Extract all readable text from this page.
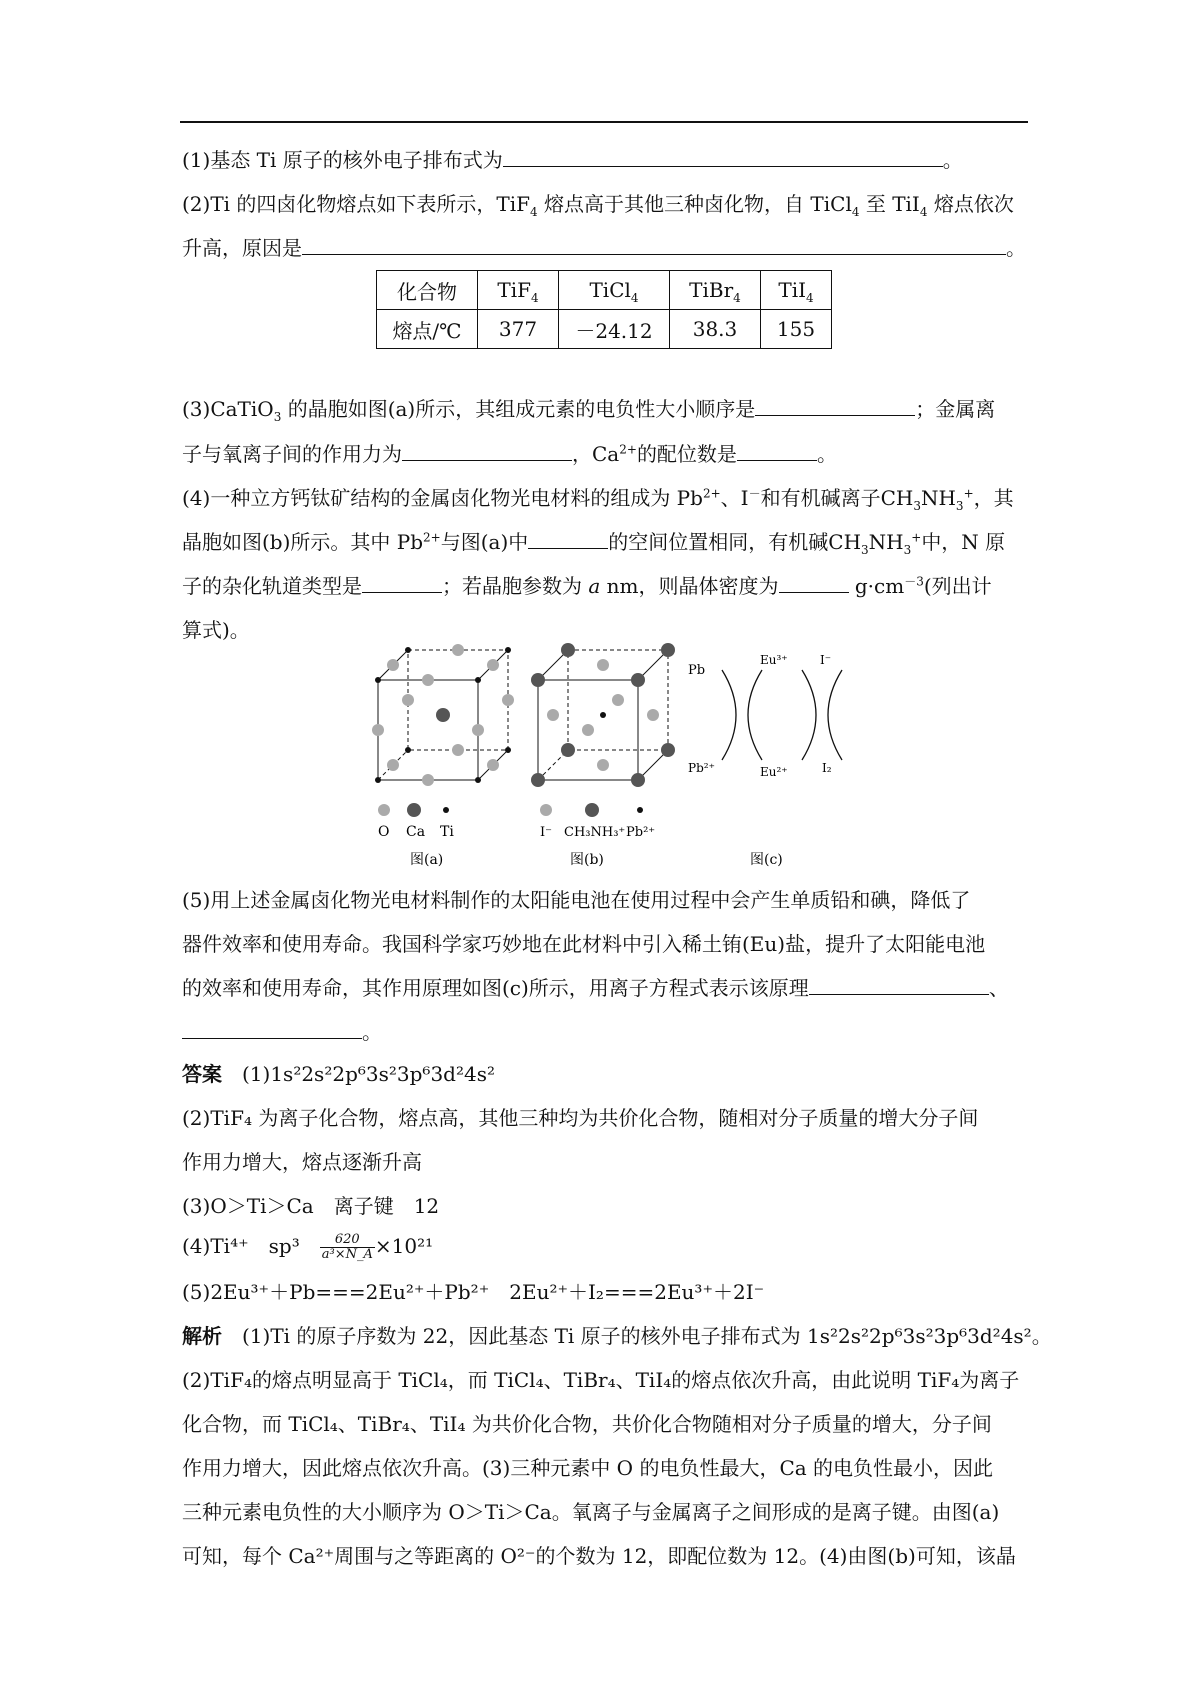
(1)基态 Ti 原子的核外电子排布式为	。
(2)Ti 的四卤化物熔点如下表所示，TiF$_4$ 熔点高于其他三种卤化物，自 TiCl$_4$ 至 TiI$_4$ 熔点依次
升高，原因是	。
化合物	TiF$_4$	TiCl$_4$	TiBr$_4$	TiI$_4$
熔点/℃	377	－24.12	38.3	155
(3)CaTiO$_3$ 的晶胞如图(a)所示，其组成元素的电负性大小顺序是	；金属离
子与氧离子间的作用力为	，$Ca^{2+}$的配位数是	。
(4)一种立方钙钛矿结构的金属卤化物光电材料的组成为 $Pb^{2+}$、I－和有机碱离子$CH_3NH_3^+$，其
晶胞如图(b)所示。其中 $Pb^{2+}$与图(a)中	的空间位置相同，有机碱$CH_3NH_3^+$中，N 原
子的杂化轨道类型是	；若晶胞参数为 a nm，则晶体密度为	$g\cdot cm^{-3}$(列出计
算式)。
O Ca Ti
图(a)
I⁻ CH₃NH₃⁺ Pb²⁺
图(b)
Pb
Pb²⁺
Eu³⁺
Eu²⁺
I⁻
I₂
图(c)
(5)用上述金属卤化物光电材料制作的太阳能电池在使用过程中会产生单质铅和碘，降低了
器件效率和使用寿命。我国科学家巧妙地在此材料中引入稀土铕(Eu)盐，提升了太阳能电池
的效率和使用寿命，其作用原理如图(c)所示，用离子方程式表示该原理	、
。
答案　 (1)1s²2s²2p⁶3s²3p⁶3d²4s²
(2)TiF₄ 为离子化合物，熔点高，其他三种均为共价化合物，随相对分子质量的增大分子间
作用力增大，熔点逐渐升高
(3)O＞Ti＞Ca　离子键　12
(4)Ti⁴⁺　sp³　 $\frac{620}{\text{a³×N\_A}} \times 10^{21}$
(5)2Eu³⁺＋Pb===2Eu²⁺＋Pb²⁺　2Eu²⁺＋I₂===2Eu³⁺＋2I⁻
解析　(1)Ti 的原子序数为 22，因此基态 Ti 原子的核外电子排布式为 1s²2s²2p⁶3s²3p⁶3d²4s²。
(2)TiF₄的熔点明显高于 TiCl₄，而 TiCl₄、TiBr₄、TiI₄的熔点依次升高，由此说明 TiF₄为离子
化合物，而 TiCl₄、TiBr₄、TiI₄ 为共价化合物，共价化合物随相对分子质量的增大，分子间
作用力增大，因此熔点依次升高。(3)三种元素中 O 的电负性最大，Ca 的电负性最小，因此
三种元素电负性的大小顺序为 O＞Ti＞Ca。氧离子与金属离子之间形成的是离子键。由图(a)
可知，每个 Ca²⁺周围与之等距离的 O²⁻的个数为 12，即配位数为 12。(4)由图(b)可知，该晶
